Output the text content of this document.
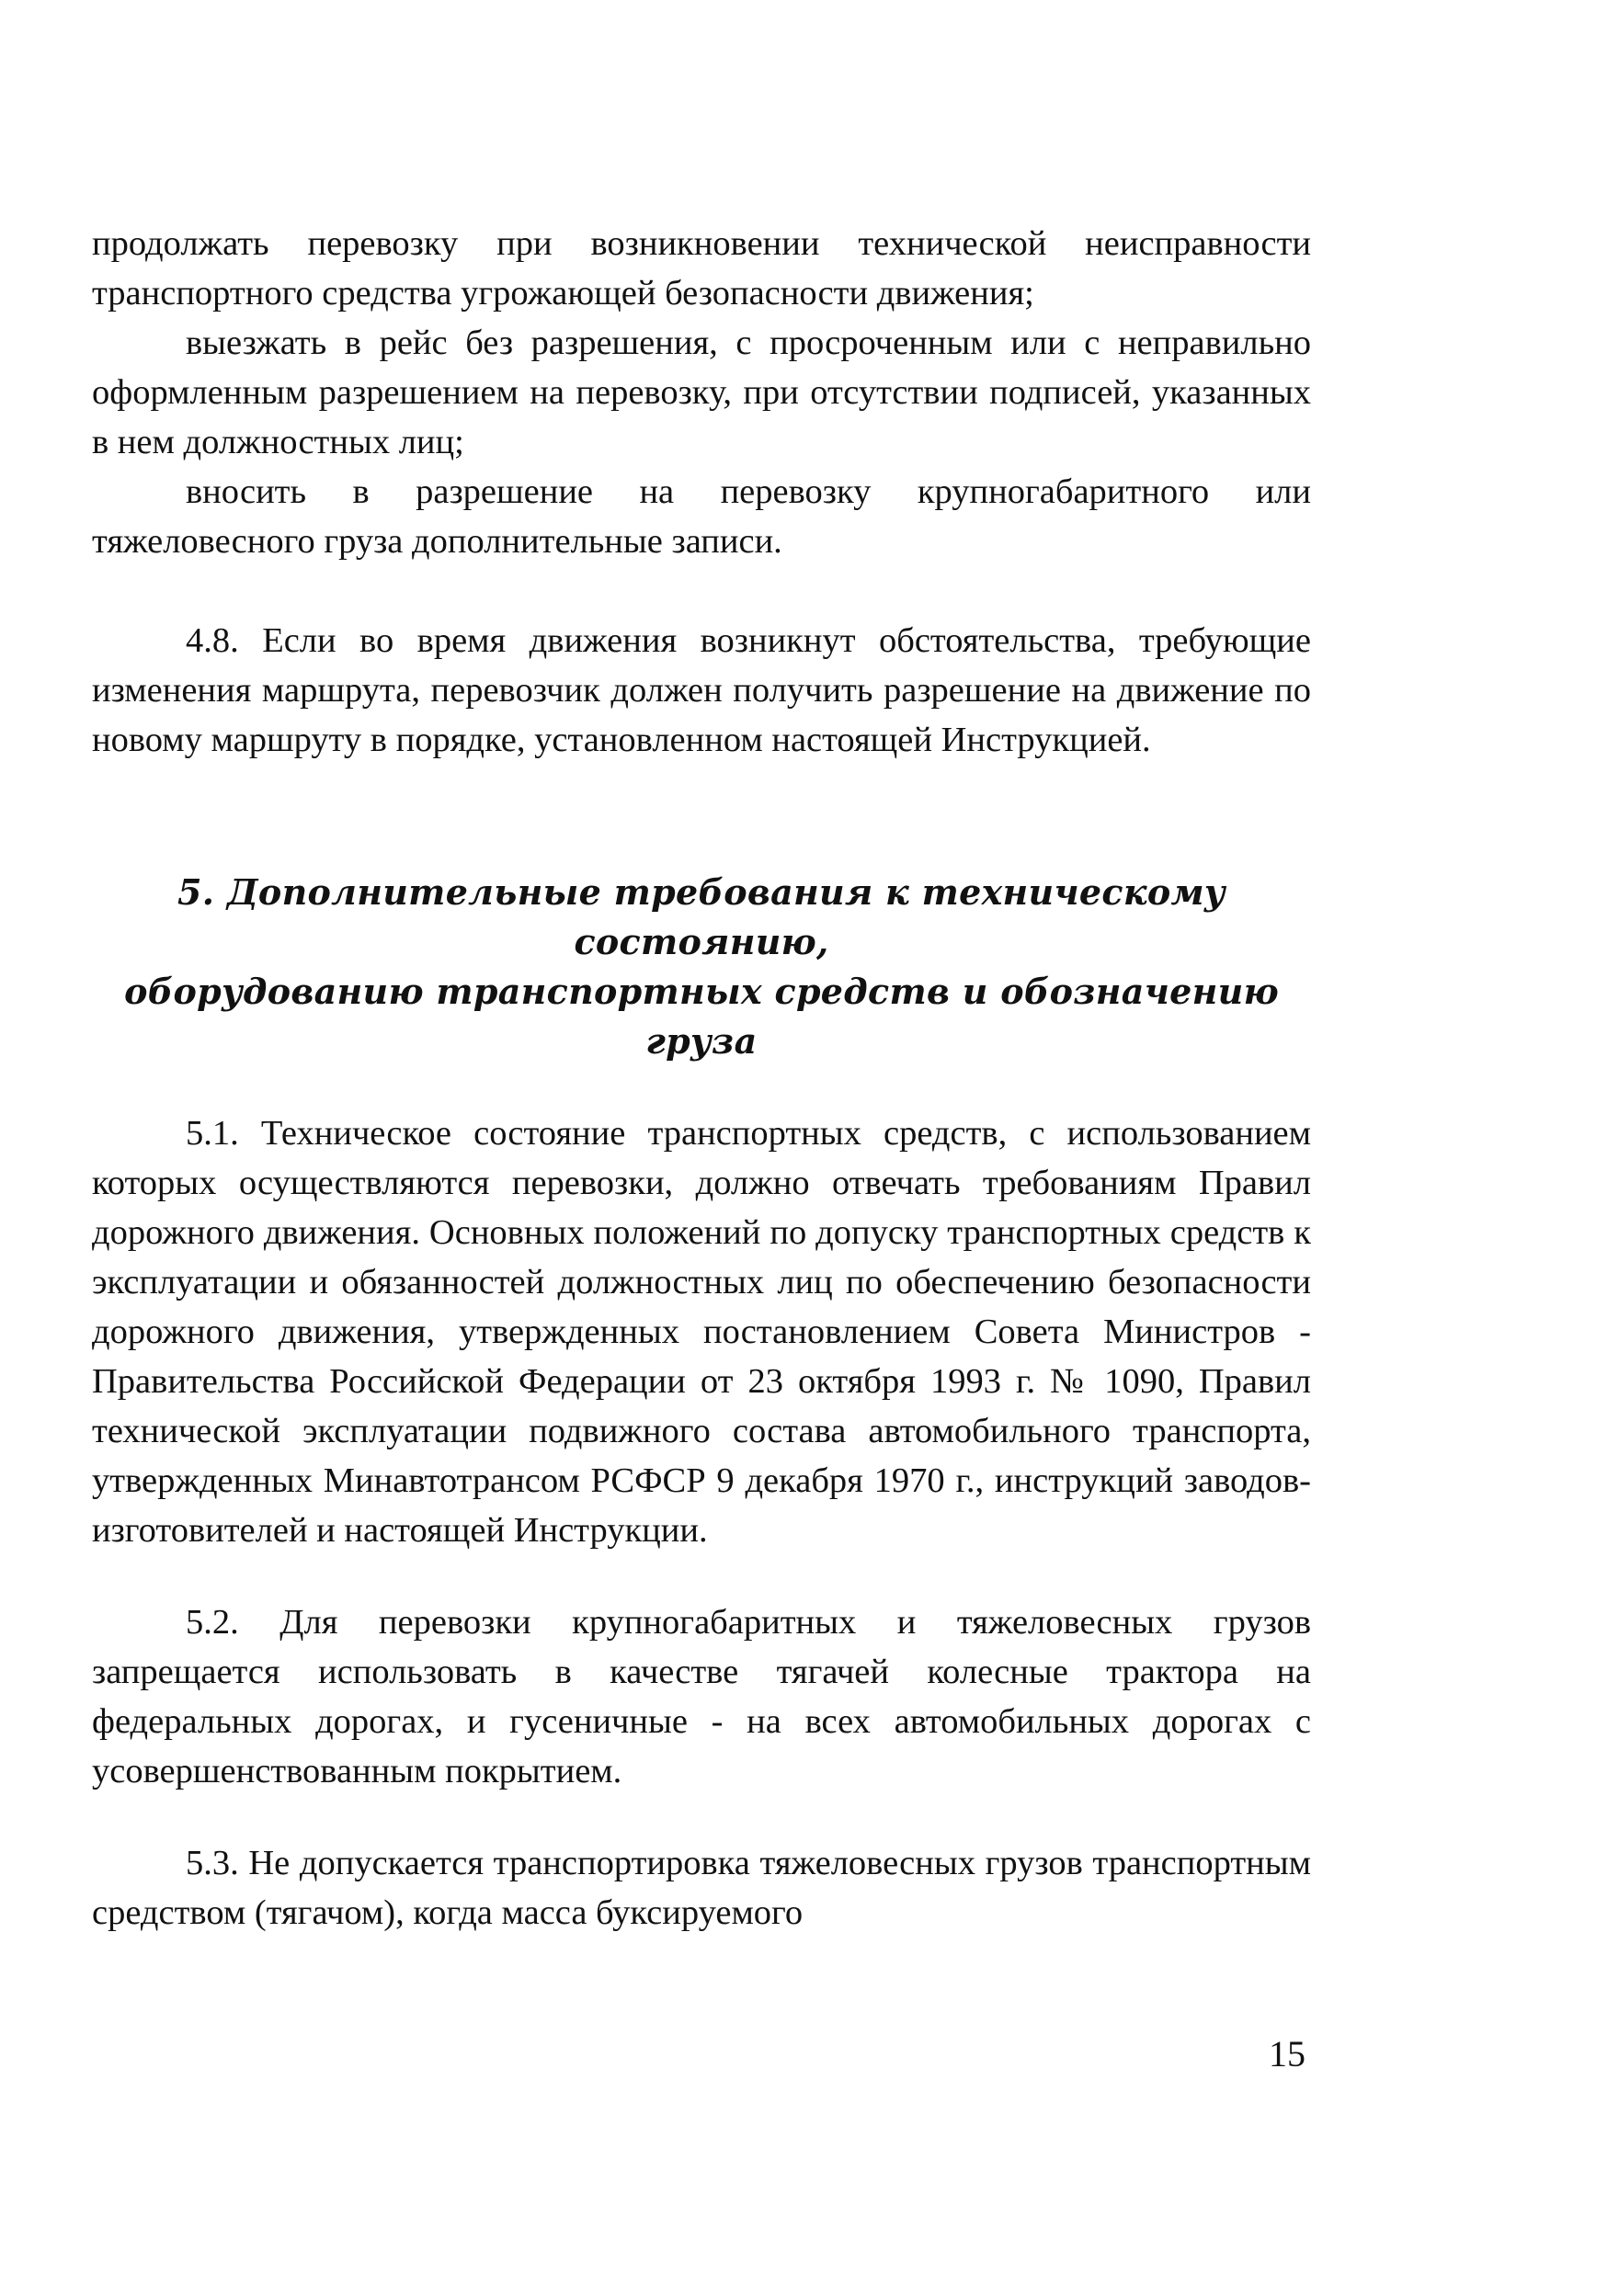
продолжать перевозку при возникновении технической неисправности транспортного средства угрожающей безопасности движения;

выезжать в рейс без разрешения, с просроченным или с неправильно оформленным разрешением на перевозку, при отсутствии подписей, указанных в нем должностных лиц;

вносить в разрешение на перевозку крупногабаритного или тяжеловесного груза дополнительные записи.

4.8. Если во время движения возникнут обстоятельства, требующие изменения маршрута, перевозчик должен получить разрешение на движение по новому маршруту в порядке, установленном настоящей Инструкцией.

5. Дополнительные требования к техническому состоянию,
оборудованию транспортных средств и обозначению груза

5.1. Техническое состояние транспортных средств, с использованием которых осуществляются перевозки, должно отвечать требованиям Правил дорожного движения. Основных положений по допуску транспортных средств к эксплуатации и обязанностей должностных лиц по обеспечению безопасности дорожного движения, утвержденных постановлением Совета Министров - Правительства Российской Федерации от 23 октября 1993 г. № 1090, Правил технической эксплуатации подвижного состава автомобильного транспорта, утвержденных Минавтотрансом РСФСР 9 декабря 1970 г., инструкций заводов-изготовителей и настоящей Инструкции.

5.2. Для перевозки крупногабаритных и тяжеловесных грузов запрещается использовать в качестве тягачей колесные трактора на федеральных дорогах, и гусеничные - на всех автомобильных дорогах с усовершенствованным покрытием.

5.3. Не допускается транспортировка тяжеловесных грузов транспортным средством (тягачом), когда масса буксируемого

15
